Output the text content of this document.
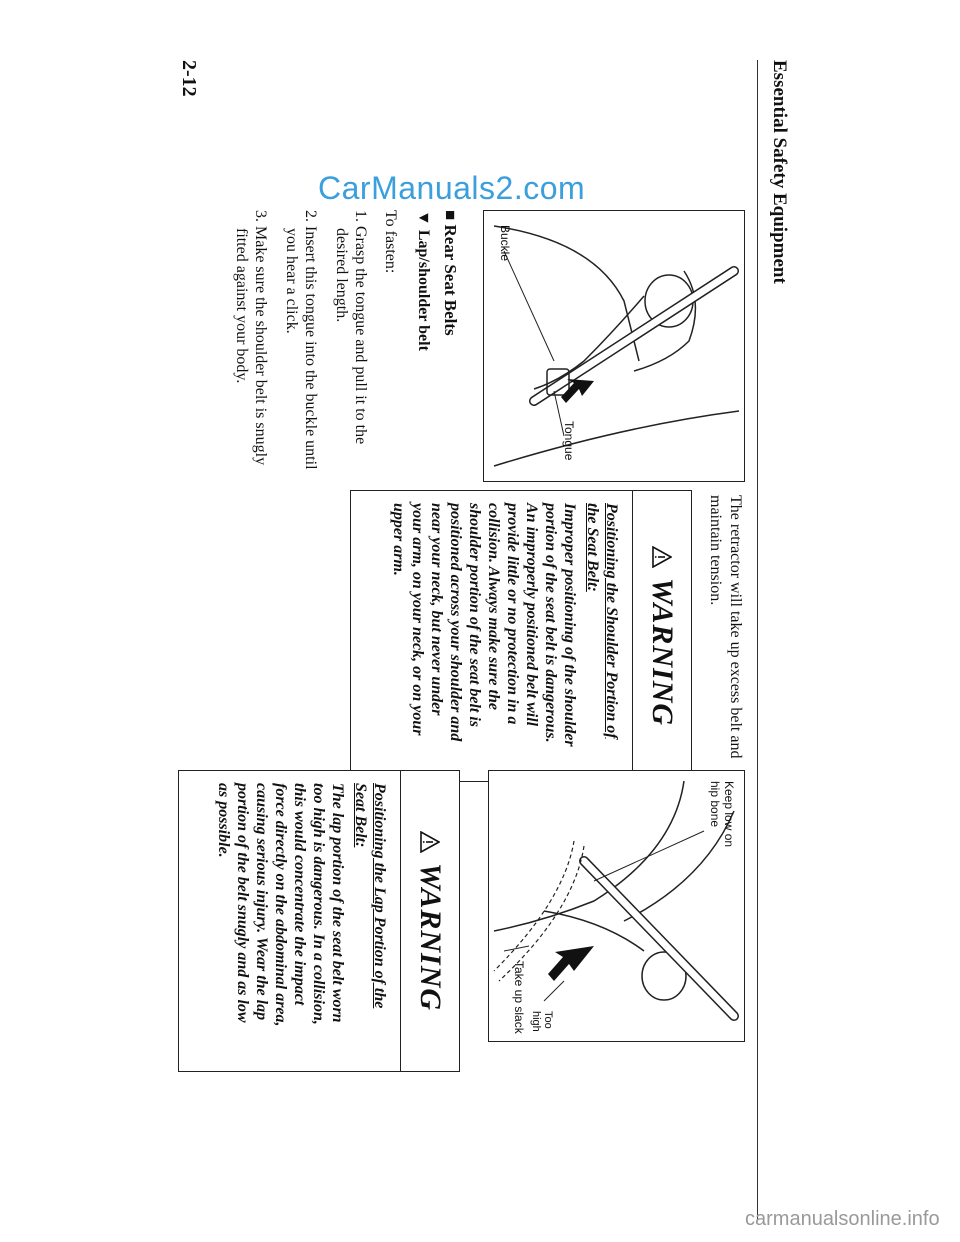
Essential Safety Equipment
Buckle
Tongue
■ Rear Seat Belts
▼ Lap/shoulder belt
To fasten:
1. Grasp the tongue and pull it to the
desired length.
2. Insert this tongue into the buckle until
you hear a click.
3. Make sure the shoulder belt is snugly
fitted against your body.
The retractor will take up excess belt and
maintain tension.
WARNING
Positioning the Shoulder Portion of
the Seat Belt:
Improper positioning of the shoulder
portion of the seat belt is dangerous.
An improperly positioned belt will
provide little or no protection in a
collision. Always make sure the
shoulder portion of the seat belt is
positioned across your shoulder and
near your neck, but never under
your arm, on your neck, or on your
upper arm.
Keep low on
hip bone
Take up slack	Too high
WARNING
Positioning the Lap Portion of the
Seat Belt:
The lap portion of the seat belt worn
too high is dangerous. In a collision,
this would concentrate the impact
force directly on the abdominal area,
causing serious injury. Wear the lap
portion of the belt snugly and as low
as possible.
2-12
CarManuals2.com
carmanualsonline.info
